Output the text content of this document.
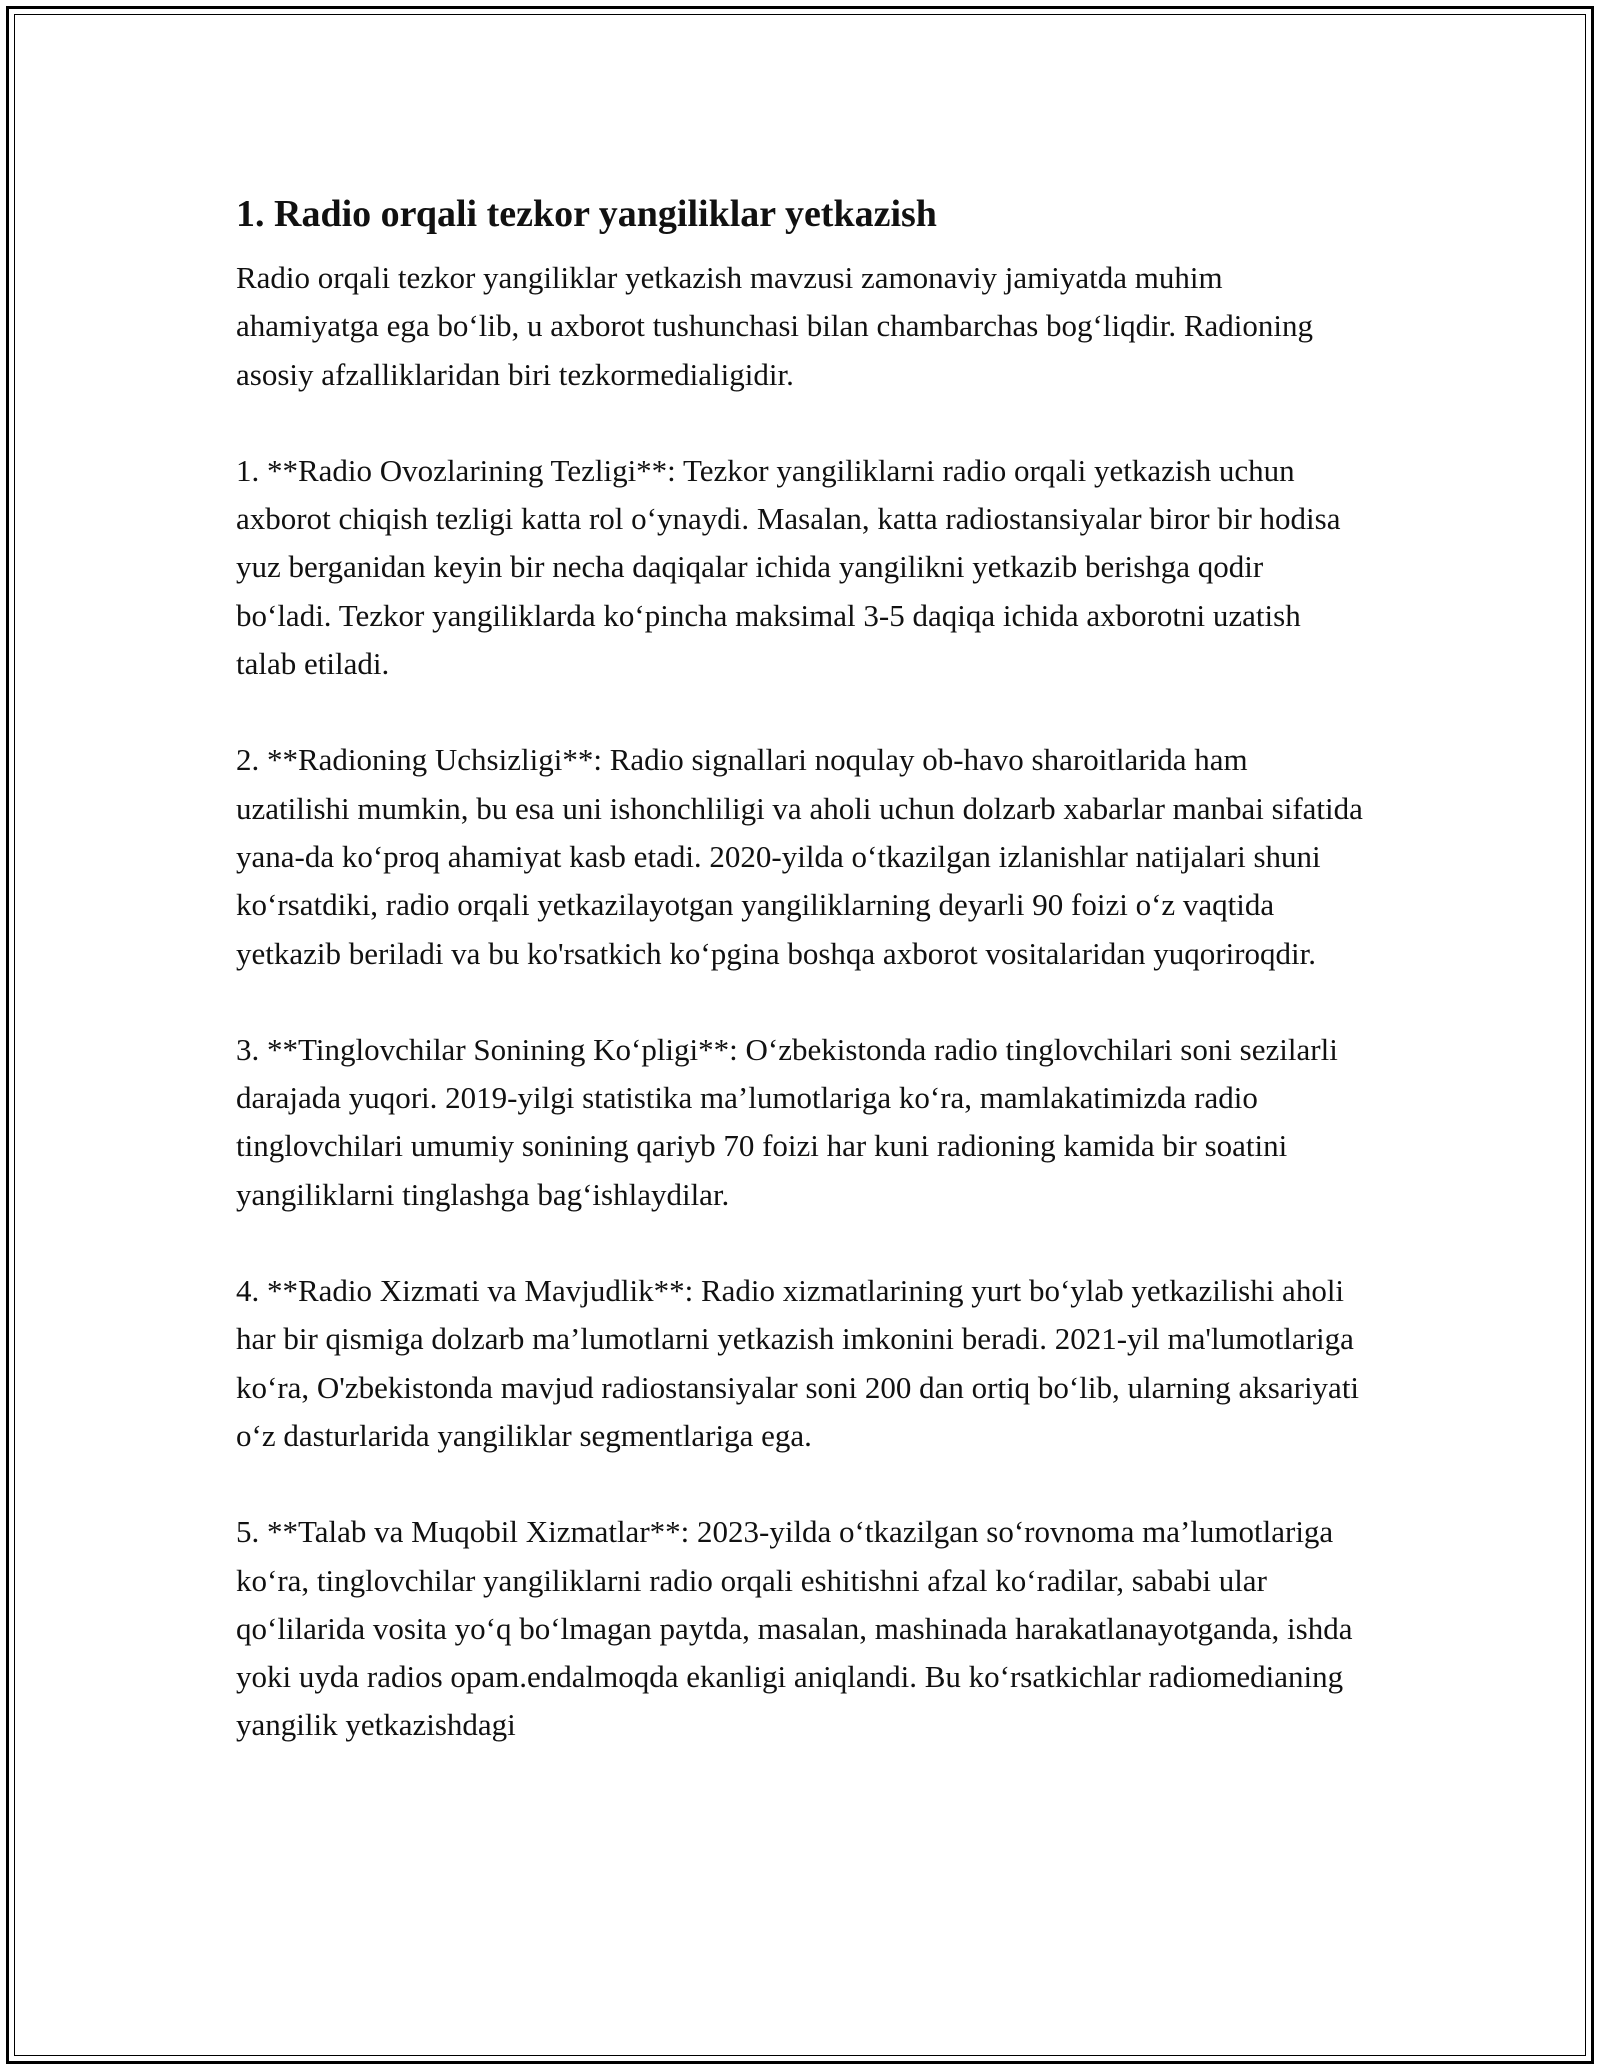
1. Radio orqali tezkor yangiliklar yetkazish

Radio orqali tezkor yangiliklar yetkazish mavzusi zamonaviy jamiyatda muhim ahamiyatga ega bo‘lib, u axborot tushunchasi bilan chambarchas bog‘liqdir. Radioning asosiy afzalliklaridan biri tezkormedialigidir.

1. **Radio Ovozlarining Tezligi**: Tezkor yangiliklarni radio orqali yetkazish uchun axborot chiqish tezligi katta rol o‘ynaydi. Masalan, katta radiostansiyalar biror bir hodisa yuz berganidan keyin bir necha daqiqalar ichida yangilikni yetkazib berishga qodir bo‘ladi. Tezkor yangiliklarda ko‘pincha maksimal 3-5 daqiqa ichida axborotni uzatish talab etiladi.

2. **Radioning Uchsizligi**: Radio signallari noqulay ob-havo sharoitlarida ham uzatilishi mumkin, bu esa uni ishonchliligi va aholi uchun dolzarb xabarlar manbai sifatida yana-da ko‘proq ahamiyat kasb etadi. 2020-yilda o‘tkazilgan izlanishlar natijalari shuni ko‘rsatdiki, radio orqali yetkazilayotgan yangiliklarning deyarli 90 foizi o‘z vaqtida yetkazib beriladi va bu ko'rsatkich ko‘pgina boshqa axborot vositalaridan yuqoriroqdir.

3. **Tinglovchilar Sonining Ko‘pligi**: O‘zbekistonda radio tinglovchilari soni sezilarli darajada yuqori. 2019-yilgi statistika ma’lumotlariga ko‘ra, mamlakatimizda radio tinglovchilari umumiy sonining qariyb 70 foizi har kuni radioning kamida bir soatini yangiliklarni tinglashga bag‘ishlaydilar.

4. **Radio Xizmati va Mavjudlik**: Radio xizmatlarining yurt bo‘ylab yetkazilishi aholi har bir qismiga dolzarb ma’lumotlarni yetkazish imkonini beradi. 2021-yil ma'lumotlariga ko‘ra, O'zbekistonda mavjud radiostansiyalar soni 200 dan ortiq bo‘lib, ularning aksariyati o‘z dasturlarida yangiliklar segmentlariga ega.

5. **Talab va Muqobil Xizmatlar**: 2023-yilda o‘tkazilgan so‘rovnoma ma’lumotlariga ko‘ra, tinglovchilar yangiliklarni radio orqali eshitishni afzal ko‘radilar, sababi ular qo‘lilarida vosita yo‘q bo‘lmagan paytda, masalan, mashinada harakatlanayotganda, ishda yoki uyda radios opam.endalmoqda ekanligi aniqlandi. Bu ko‘rsatkichlar radiomedianing yangilik yetkazishdagi
